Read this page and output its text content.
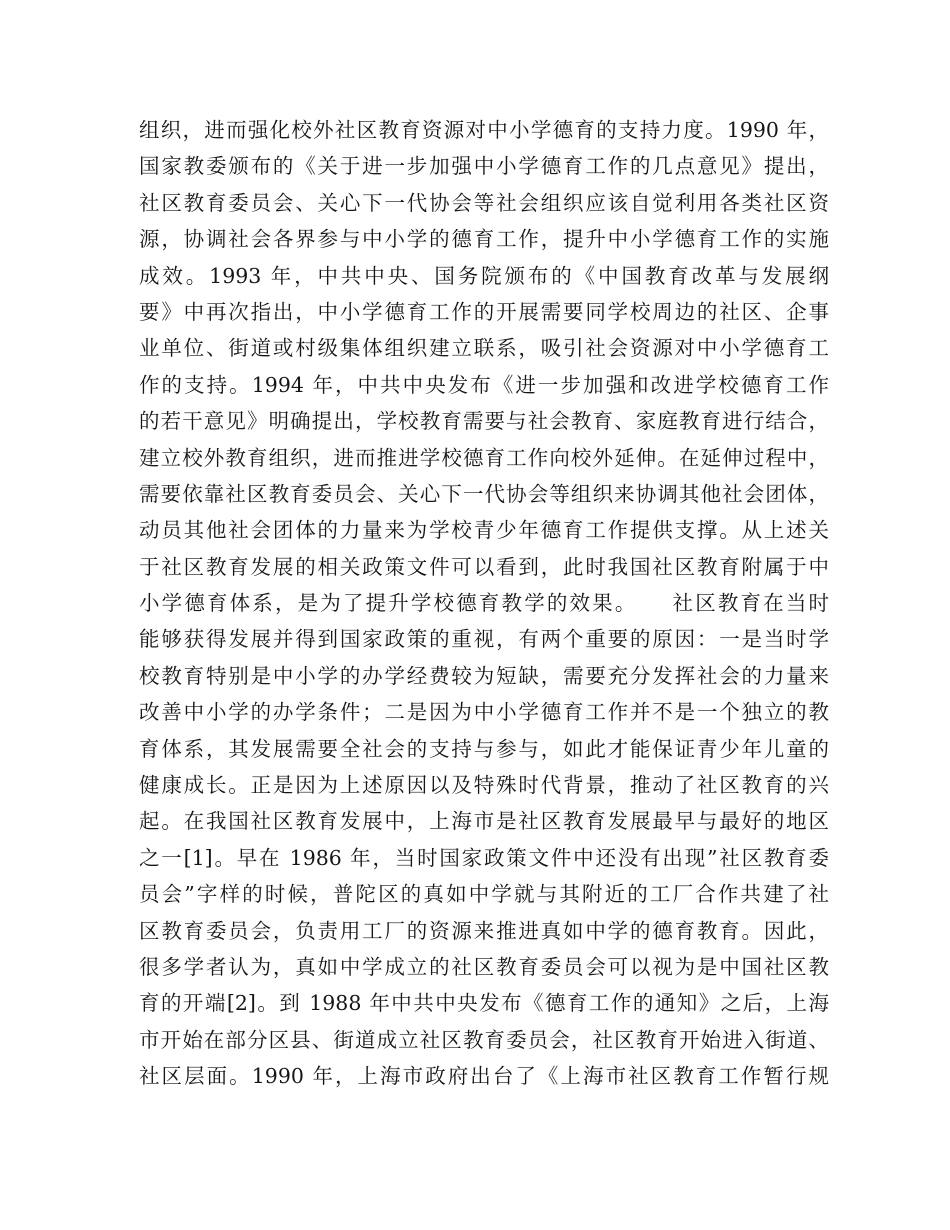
组织，进而强化校外社区教育资源对中小学德育的支持力度。1990 年，
国家教委颁布的《关于进一步加强中小学德育工作的几点意见》提出，
社区教育委员会、关心下一代协会等社会组织应该自觉利用各类社区资
源，协调社会各界参与中小学的德育工作，提升中小学德育工作的实施
成效。1993 年，中共中央、国务院颁布的《中国教育改革与发展纲
要》中再次指出，中小学德育工作的开展需要同学校周边的社区、企事
业单位、街道或村级集体组织建立联系，吸引社会资源对中小学德育工
作的支持。1994 年，中共中央发布《进一步加强和改进学校德育工作
的若干意见》明确提出，学校教育需要与社会教育、家庭教育进行结合，
建立校外教育组织，进而推进学校德育工作向校外延伸。在延伸过程中，
需要依靠社区教育委员会、关心下一代协会等组织来协调其他社会团体，
动员其他社会团体的力量来为学校青少年德育工作提供支撑。从上述关
于社区教育发展的相关政策文件可以看到，此时我国社区教育附属于中
小学德育体系，是为了提升学校德育教学的效果。　　社区教育在当时
能够获得发展并得到国家政策的重视，有两个重要的原因：一是当时学
校教育特别是中小学的办学经费较为短缺，需要充分发挥社会的力量来
改善中小学的办学条件；二是因为中小学德育工作并不是一个独立的教
育体系，其发展需要全社会的支持与参与，如此才能保证青少年儿童的
健康成长。正是因为上述原因以及特殊时代背景，推动了社区教育的兴
起。在我国社区教育发展中，上海市是社区教育发展最早与最好的地区
之一[1]。早在 1986 年，当时国家政策文件中还没有出现”社区教育委
员会”字样的时候，普陀区的真如中学就与其附近的工厂合作共建了社
区教育委员会，负责用工厂的资源来推进真如中学的德育教育。因此，
很多学者认为，真如中学成立的社区教育委员会可以视为是中国社区教
育的开端[2]。到 1988 年中共中央发布《德育工作的通知》之后，上海
市开始在部分区县、街道成立社区教育委员会，社区教育开始进入街道、
社区层面。1990 年，上海市政府出台了《上海市社区教育工作暂行规
